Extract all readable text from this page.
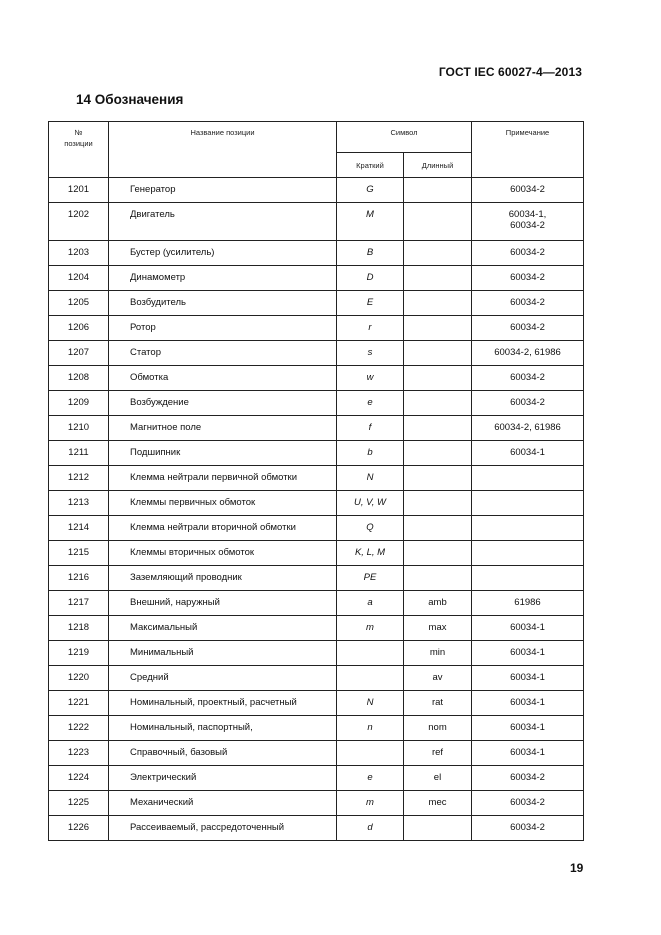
ГОСТ IEC 60027-4—2013
14 Обозначения
№
позиции	Название позиции	Символ		Примечание
		Краткий	Длинный	
1201	Генератор	G		60034-2
1202	Двигатель	M		60034-1,
60034-2
1203	Бустер (усилитель)	B		60034-2
1204	Динамометр	D		60034-2
1205	Возбудитель	E		60034-2
1206	Ротор	r		60034-2
1207	Статор	s		60034-2, 61986
1208	Обмотка	w		60034-2
1209	Возбуждение	e		60034-2
1210	Магнитное поле	f		60034-2, 61986
1211	Подшипник	b		60034-1
1212	Клемма нейтрали первичной обмотки	N		
1213	Клеммы первичных обмоток	U, V, W		
1214	Клемма нейтрали вторичной обмотки	Q		
1215	Клеммы вторичных обмоток	K, L, M		
1216	Заземляющий проводник	PE		
1217	Внешний, наружный	a	amb	61986
1218	Максимальный	m	max	60034-1
1219	Минимальный		min	60034-1
1220	Средний		av	60034-1
1221	Номинальный, проектный, расчетный	N	rat	60034-1
1222	Номинальный, паспортный,	n	nom	60034-1
1223	Справочный, базовый		ref	60034-1
1224	Электрический	e	el	60034-2
1225	Механический	m	mec	60034-2
1226	Рассеиваемый, рассредоточенный	d		60034-2
19
